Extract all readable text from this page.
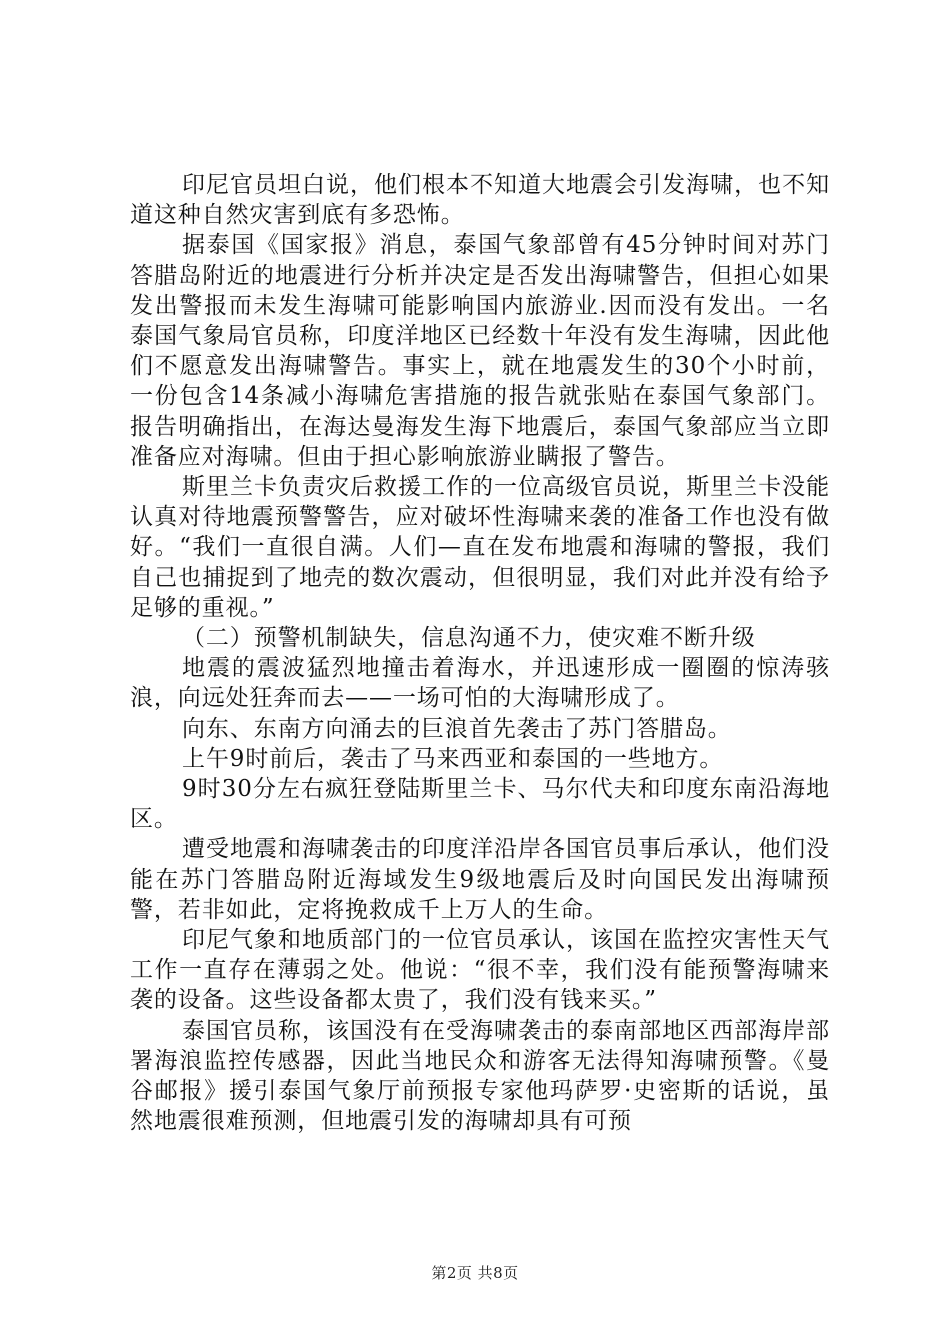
印尼官员坦白说，他们根本不知道大地震会引发海啸，也不知道这种自然灾害到底有多恐怖。

据泰国《国家报》消息，泰国气象部曾有45分钟时间对苏门答腊岛附近的地震进行分析并决定是否发出海啸警告，但担心如果发出警报而未发生海啸可能影响国内旅游业.因而没有发出。一名泰国气象局官员称，印度洋地区已经数十年没有发生海啸，因此他们不愿意发出海啸警告。事实上，就在地震发生的30个小时前，一份包含14条减小海啸危害措施的报告就张贴在泰国气象部门。报告明确指出，在海达曼海发生海下地震后，泰国气象部应当立即准备应对海啸。但由于担心影响旅游业瞒报了警告。

斯里兰卡负责灾后救援工作的一位高级官员说，斯里兰卡没能认真对待地震预警警告，应对破坏性海啸来袭的准备工作也没有做好。“我们一直很自满。人们—直在发布地震和海啸的警报，我们自己也捕捉到了地壳的数次震动，但很明显，我们对此并没有给予足够的重视。”

（二）预警机制缺失，信息沟通不力，使灾难不断升级

地震的震波猛烈地撞击着海水，并迅速形成一圈圈的惊涛骇浪，向远处狂奔而去——一场可怕的大海啸形成了。

向东、东南方向涌去的巨浪首先袭击了苏门答腊岛。

上午9时前后，袭击了马来西亚和泰国的一些地方。

9时30分左右疯狂登陆斯里兰卡、马尔代夫和印度东南沿海地区。

遭受地震和海啸袭击的印度洋沿岸各国官员事后承认，他们没能在苏门答腊岛附近海域发生9级地震后及时向国民发出海啸预警，若非如此，定将挽救成千上万人的生命。

印尼气象和地质部门的一位官员承认，该国在监控灾害性天气工作一直存在薄弱之处。他说：“很不幸，我们没有能预警海啸来袭的设备。这些设备都太贵了，我们没有钱来买。”

泰国官员称，该国没有在受海啸袭击的泰南部地区西部海岸部署海浪监控传感器，因此当地民众和游客无法得知海啸预警。《曼谷邮报》援引泰国气象厅前预报专家他玛萨罗·史密斯的话说，虽然地震很难预测，但地震引发的海啸却具有可预

第2页 共8页
